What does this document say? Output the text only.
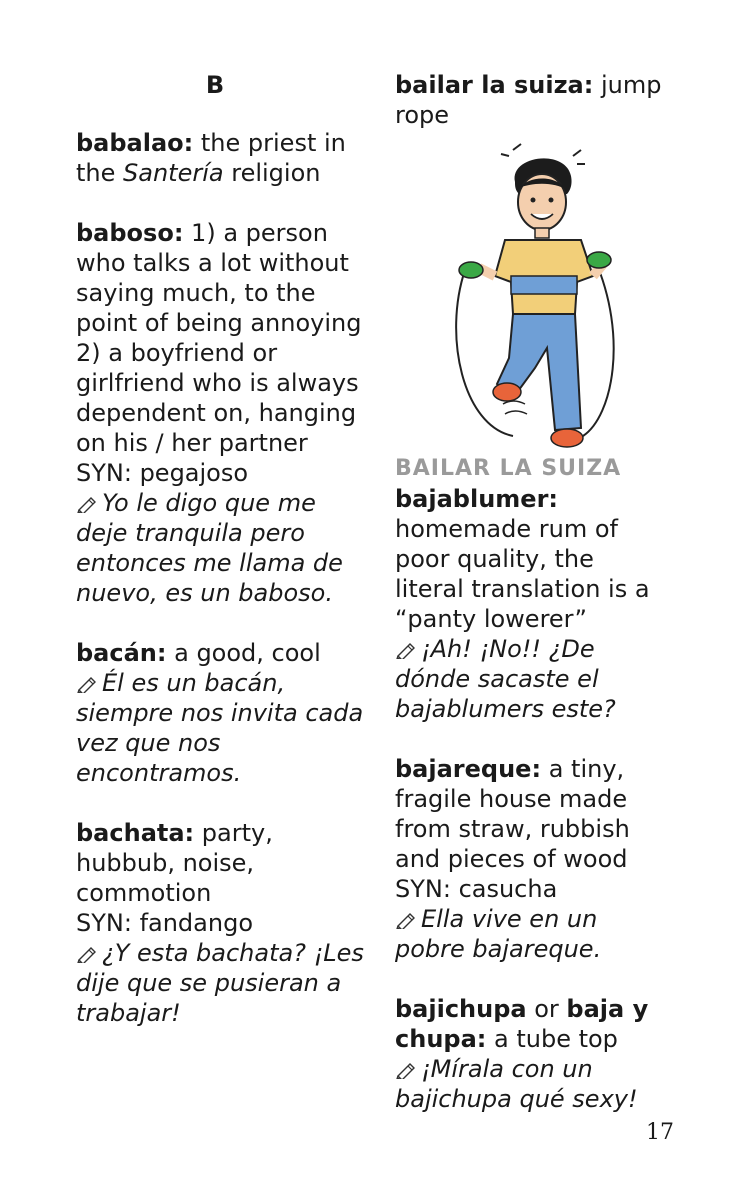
B
babalao: the priest in the Santería religion
baboso: 1) a person who talks a lot without saying much, to the point of being annoying 2) a boyfriend or girlfriend who is always dependent on, hanging on his / her partner
SYN: pegajoso
Yo le digo que me deje tranquila pero entonces me llama de nuevo, es un baboso.
bacán: a good, cool
Él es un bacán, siempre nos invita cada vez que nos encontramos.
bachata: party, hubbub, noise, commotion
SYN: fandango
¿Y esta bachata? ¡Les dije que se pusieran a trabajar!
bailar la suiza: jump rope
BAILAR LA SUIZA
bajablumer: homemade rum of poor quality, the literal translation is a “panty lowerer”
¡Ah! ¡No!! ¿De dónde sacaste el bajablumers este?
bajareque: a tiny, fragile house made from straw, rubbish and pieces of wood
SYN: casucha
Ella vive en un pobre bajareque.
bajichupa or baja y chupa: a tube top
¡Mírala con un bajichupa qué sexy!
17
